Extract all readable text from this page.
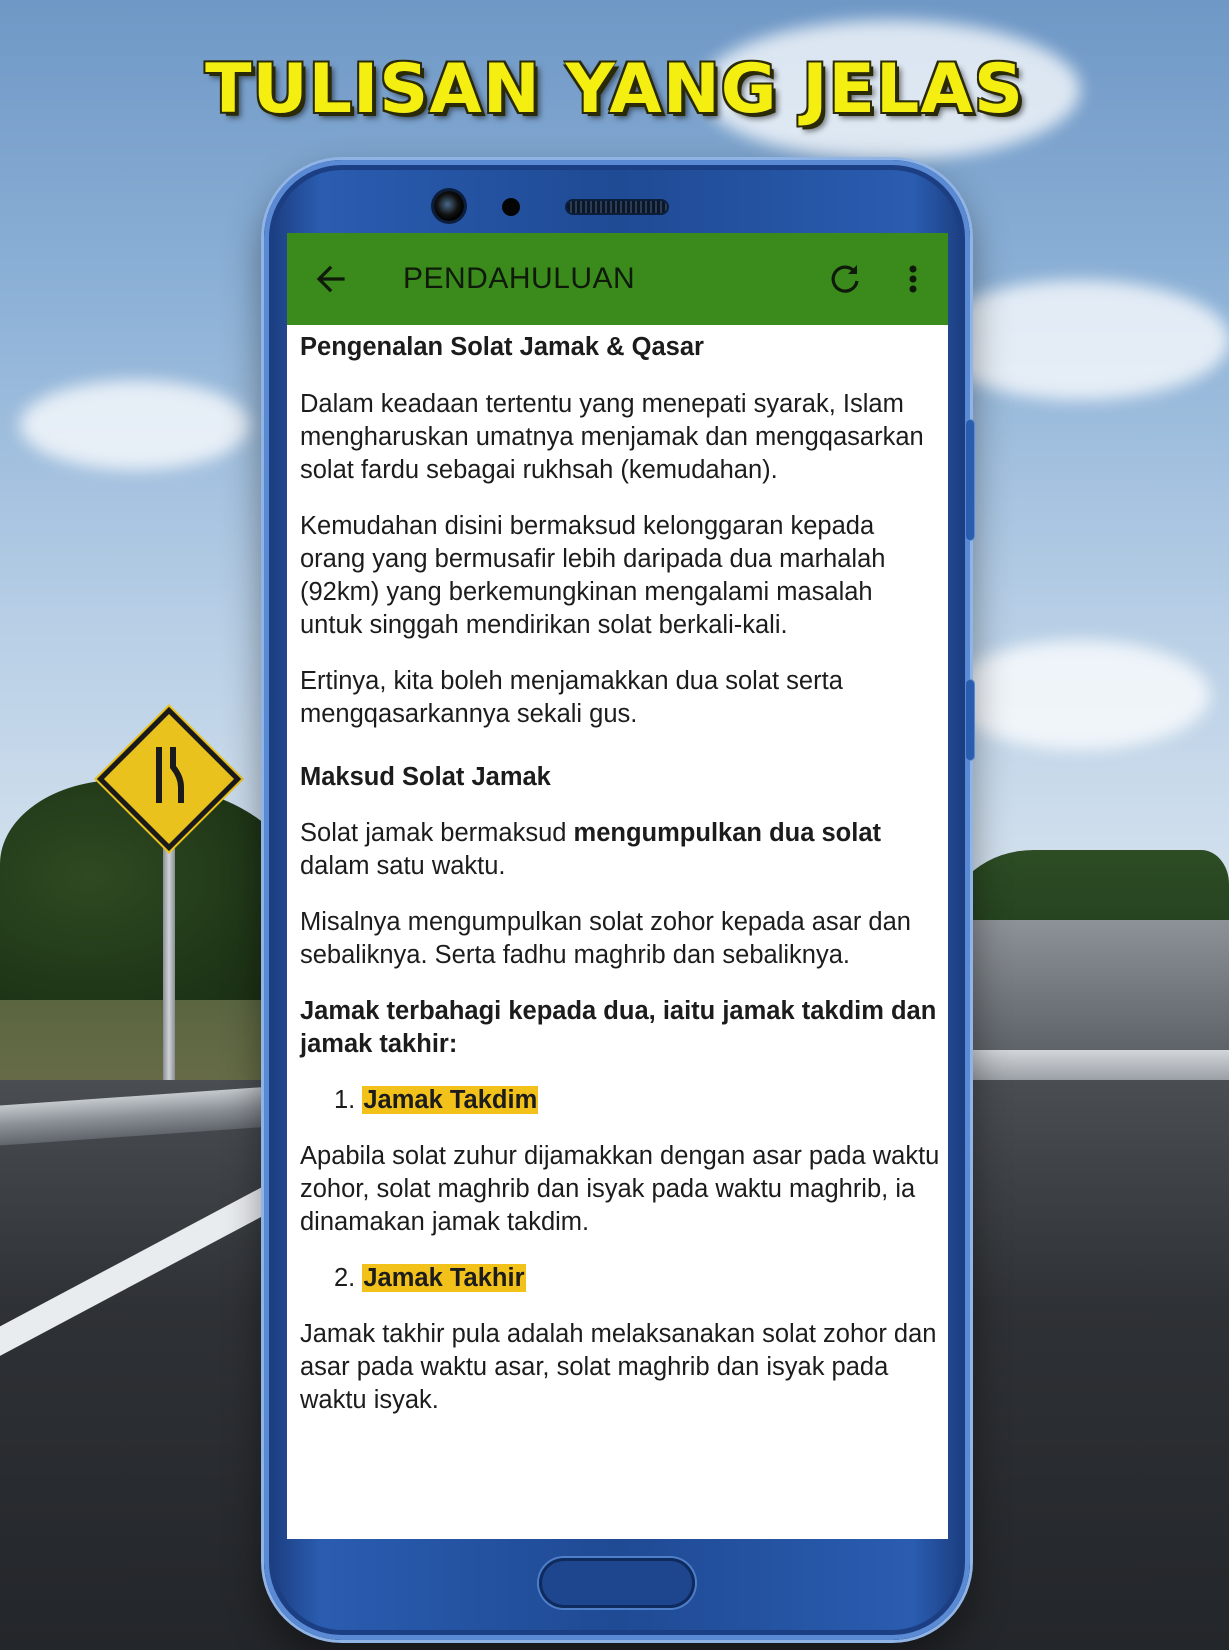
TULISAN YANG JELAS
PENDAHULUAN

Pengenalan Solat Jamak & Qasar

Dalam keadaan tertentu yang menepati syarak, Islam mengharuskan umatnya menjamak dan mengqasarkan solat fardu sebagai rukhsah (kemudahan).

Kemudahan disini bermaksud kelonggaran kepada orang yang bermusafir lebih daripada dua marhalah (92km) yang berkemungkinan mengalami masalah untuk singgah mendirikan solat berkali-kali.

Ertinya, kita boleh menjamakkan dua solat serta mengqasarkannya sekali gus.

Maksud Solat Jamak

Solat jamak bermaksud mengumpulkan dua solat dalam satu waktu.

Misalnya mengumpulkan solat zohor kepada asar dan sebaliknya. Serta fadhu maghrib dan sebaliknya.

Jamak terbahagi kepada dua, iaitu jamak takdim dan jamak takhir:

1. Jamak Takdim

Apabila solat zuhur dijamakkan dengan asar pada waktu zohor, solat maghrib dan isyak pada waktu maghrib, ia dinamakan jamak takdim.

2. Jamak Takhir

Jamak takhir pula adalah melaksanakan solat zohor dan asar pada waktu asar, solat maghrib dan isyak pada waktu isyak.
